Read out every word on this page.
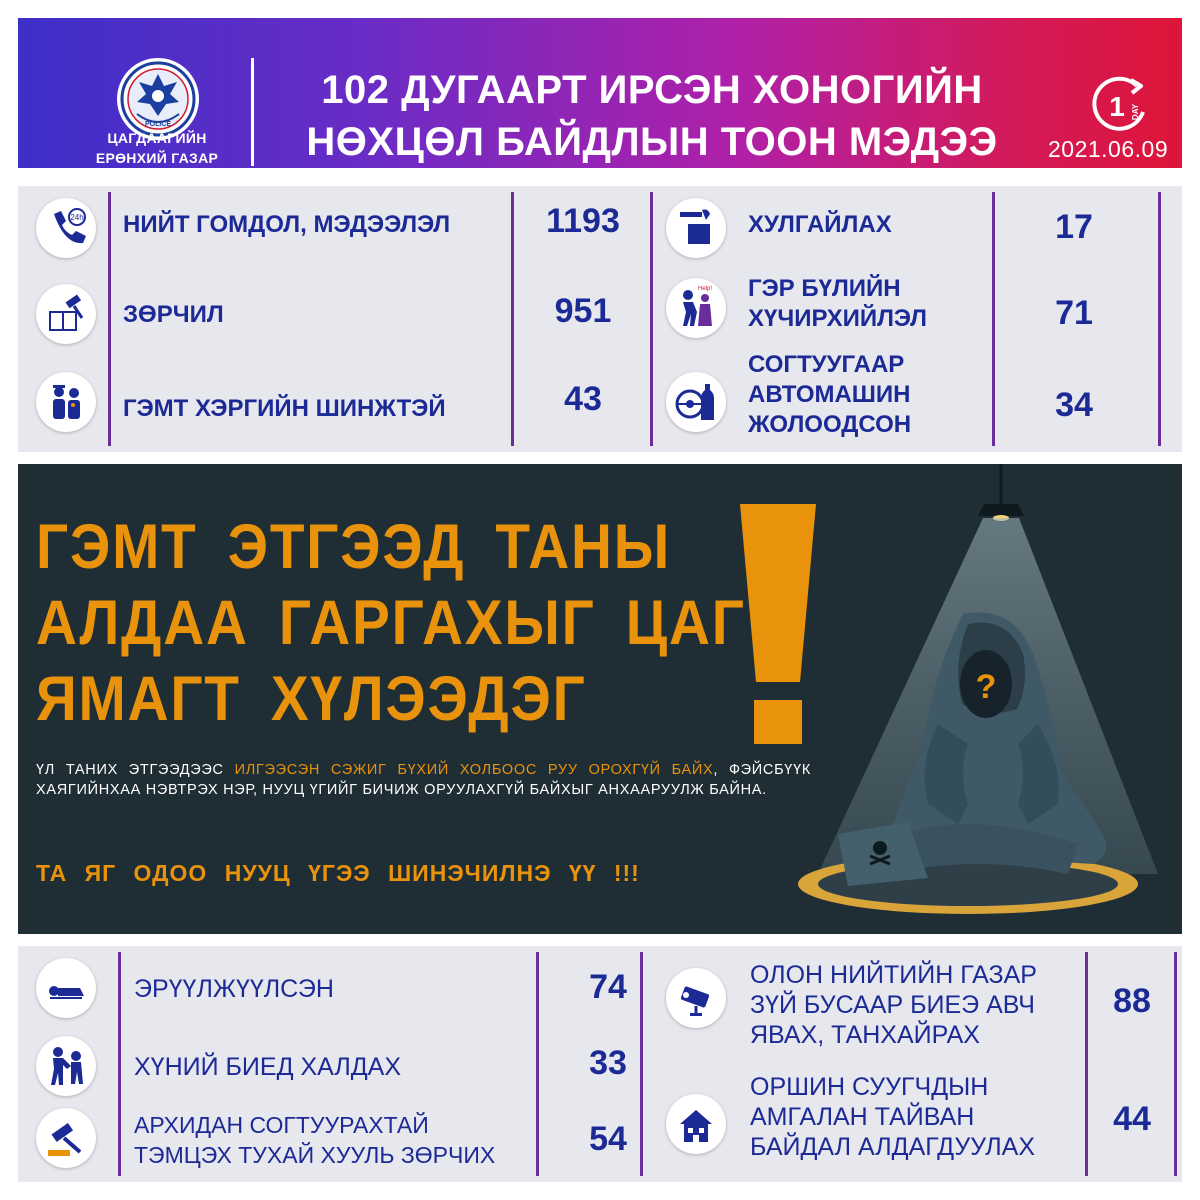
POLICE
ЦАГДААГИЙН
ЕРӨНХИЙ ГАЗАР
102 ДУГААРТ ИРСЭН ХОНОГИЙН
НӨХЦӨЛ БАЙДЛЫН ТООН МЭДЭЭ
1 DAY
2021.06.09
24h НИЙТ ГОМДОЛ, МЭДЭЭЛЭЛ	1193
ЗӨРЧИЛ	951
ГЭМТ ХЭРГИЙН ШИНЖТЭЙ	43
ХУЛГАЙЛАХ	17
Help! ГЭР БҮЛИЙН
ХҮЧИРХИЙЛЭЛ	71
СОГТУУГААР
АВТОМАШИН
ЖОЛООДСОН
34
?
ГЭМТ ЭТГЭЭД ТАНЫ
АЛДАА ГАРГАХЫГ ЦАГ
ЯМАГТ ХҮЛЭЭДЭГ
ҮЛ ТАНИХ ЭТГЭЭДЭЭС ИЛГЭЭСЭН СЭЖИГ БҮХИЙ ХОЛБООС РУУ ОРОХГҮЙ БАЙХ, ФЭЙСБҮҮК ХАЯГИЙНХАА НЭВТРЭХ НЭР, НУУЦ ҮГИЙГ БИЧИЖ ОРУУЛАХГҮЙ БАЙХЫГ АНХААРУУЛЖ БАЙНА.
ТА ЯГ ОДОО НУУЦ ҮГЭЭ ШИНЭЧИЛНЭ ҮҮ !!!
ЭРҮҮЛЖҮҮЛСЭН	74
ХҮНИЙ БИЕД ХАЛДАХ	33
АРХИДАН СОГТУУРАХТАЙ
ТЭМЦЭХ ТУХАЙ ХУУЛЬ ЗӨРЧИХ	54
ОЛОН НИЙТИЙН ГАЗАР
ЗҮЙ БУСААР БИЕЭ АВЧ
ЯВАХ, ТАНХАЙРАХ
88
ОРШИН СУУГЧДЫН
АМГАЛАН ТАЙВАН
БАЙДАЛ АЛДАГДУУЛАХ
44
